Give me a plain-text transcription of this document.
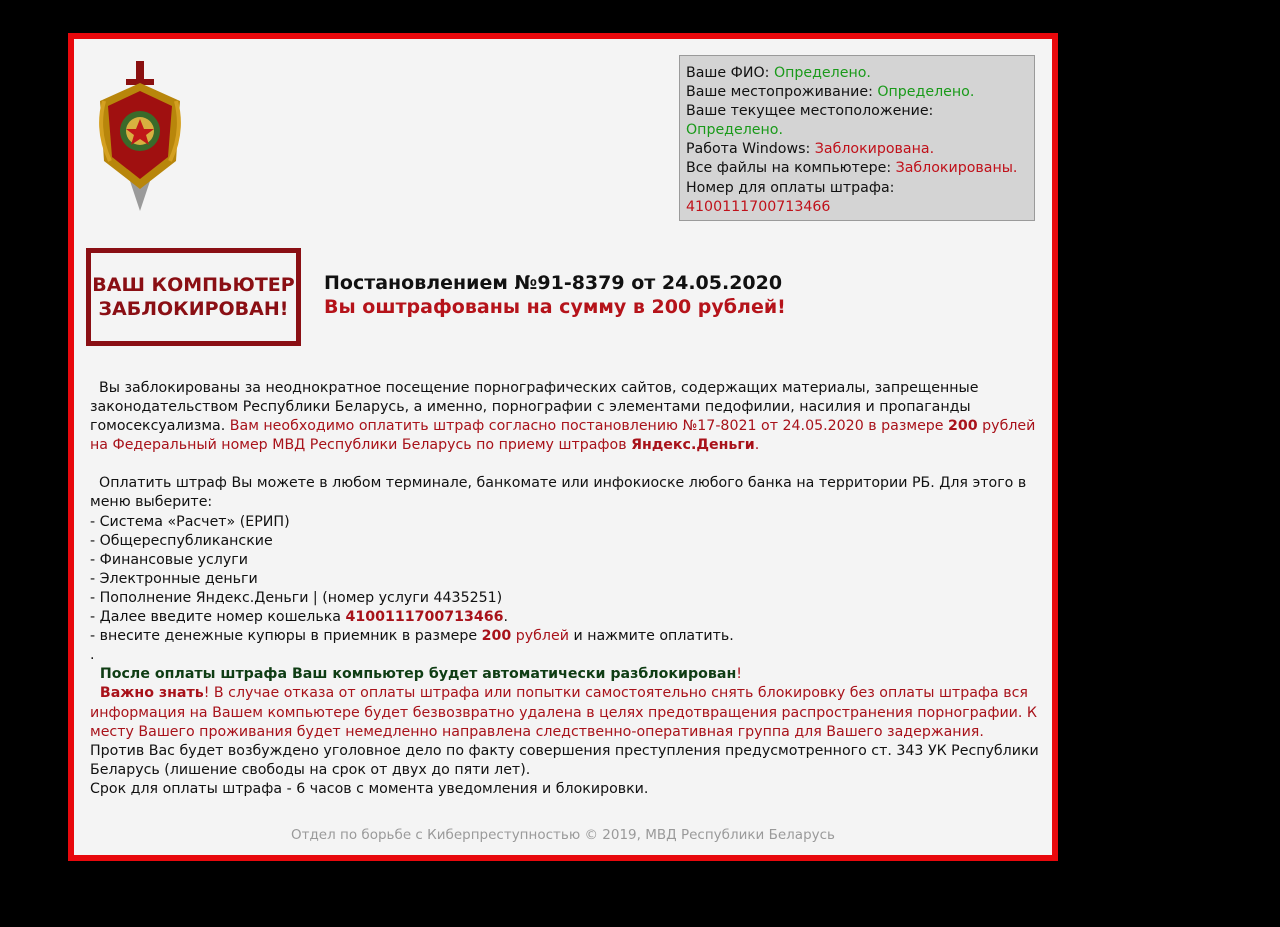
Ваше ФИО: Определено.
Ваше местопроживание: Определено.
Ваше текущее местоположение:
Определено.
Работа Windows: Заблокирована.
Все файлы на компьютере: Заблокированы.
Номер для оплаты штрафа:
4100111700713466
ВАШ КОМПЬЮТЕР
ЗАБЛОКИРОВАН!
Постановлением №91-8379 от 24.05.2020
Вы оштрафованы на сумму в 200 рублей!

Вы заблокированы за неоднократное посещение порнографических сайтов, содержащих материалы, запрещенные законодательством Республики Беларусь, а именно, порнографии с элементами педофилии, насилия и пропаганды гомосексуализма. Вам необходимо оплатить штраф согласно постановлению №17-8021 от 24.05.2020 в размере 200 рублей на Федеральный номер МВД Республики Беларусь по приему штрафов Яндекс.Деньги.

Оплатить штраф Вы можете в любом терминале, банкомате или инфокиоске любого банка на территории РБ. Для этого в меню выберите:

- Система «Расчет» (ЕРИП)

- Общереспубликанские

- Финансовые услуги

- Электронные деньги

- Пополнение Яндекс.Деньги | (номер услуги 4435251)

- Далее введите номер кошелька 4100111700713466.

- внесите денежные купюры в приемник в размере 200 рублей и нажмите оплатить.

.

После оплаты штрафа Ваш компьютер будет автоматически разблокирован!

Важно знать! В случае отказа от оплаты штрафа или попытки самостоятельно снять блокировку без оплаты штрафа вся информация на Вашем компьютере будет безвозвратно удалена в целях предотвращения распространения порнографии. К месту Вашего проживания будет немедленно направлена следственно-оперативная группа для Вашего задержания. Против Вас будет возбуждено уголовное дело по факту совершения преступления предусмотренного ст. 343 УК Республики Беларусь (лишение свободы на срок от двух до пяти лет).

Срок для оплаты штрафа - 6 часов с момента уведомления и блокировки.

Отдел по борьбе с Киберпреступностью © 2019, МВД Республики Беларусь
